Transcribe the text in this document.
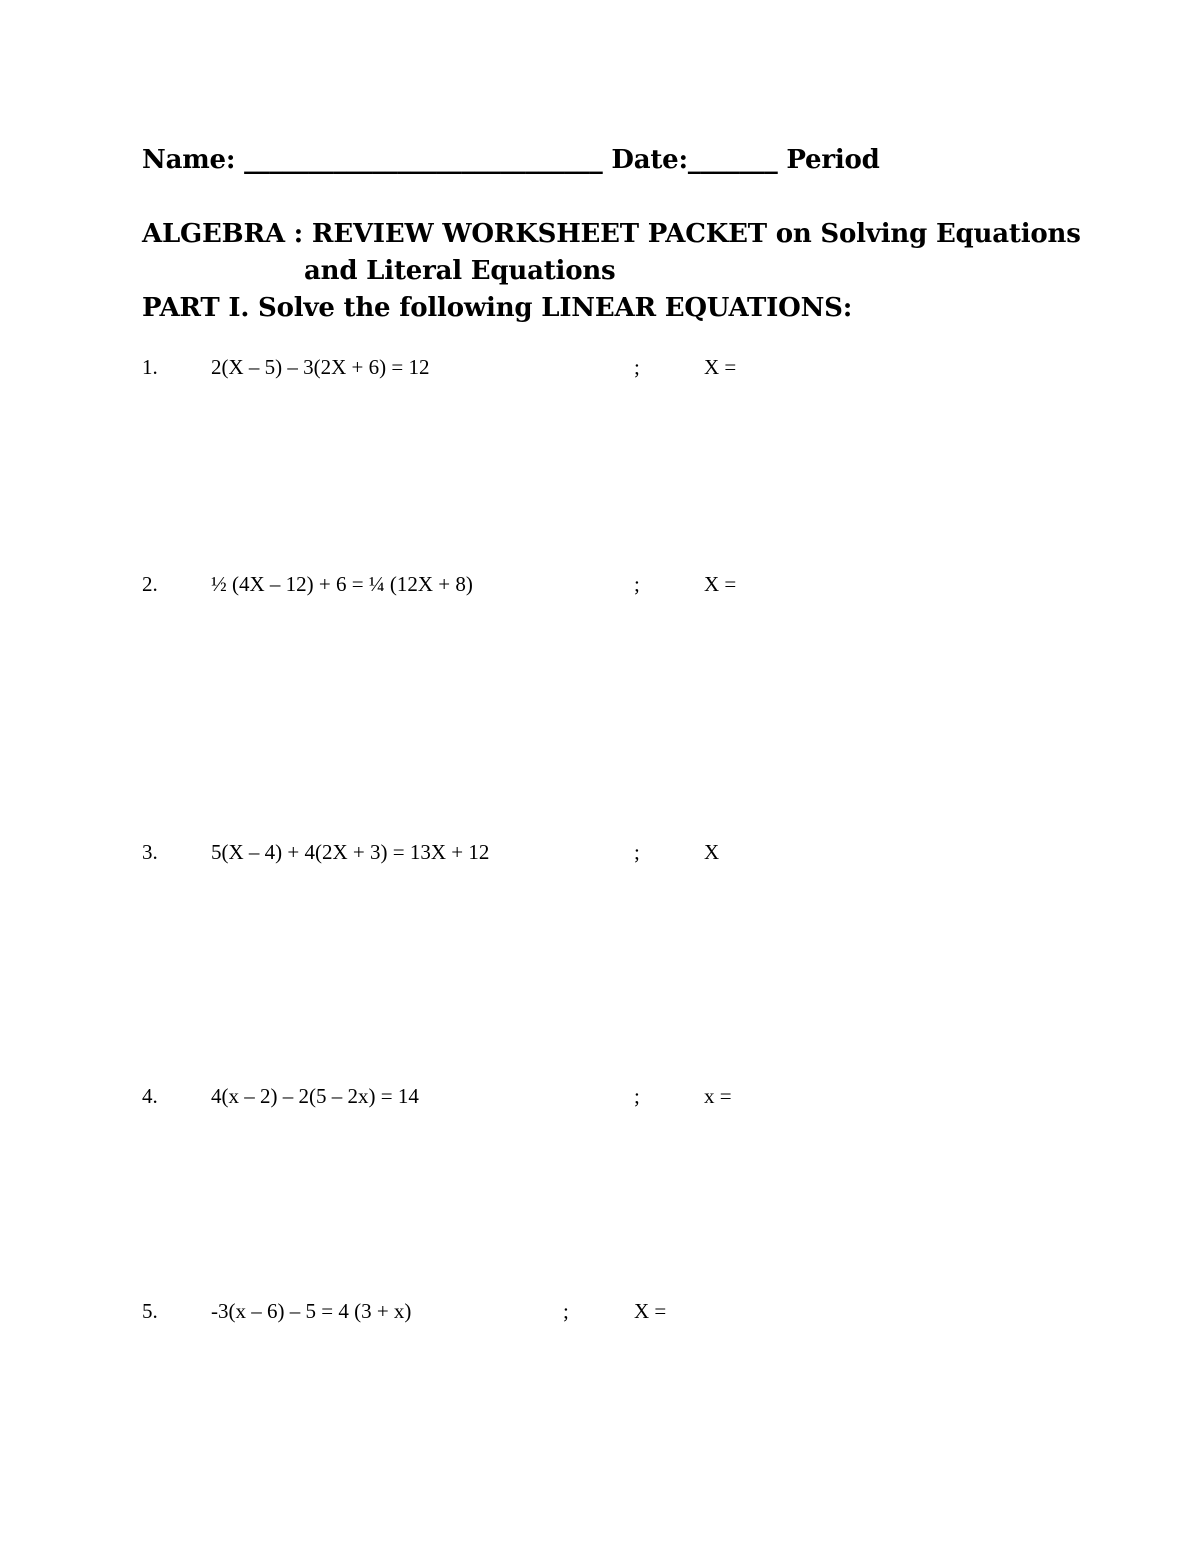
Name: ____________________________ Date:_______ Period
ALGEBRA : REVIEW WORKSHEET PACKET on Solving Equations
and Literal Equations
PART I. Solve the following LINEAR EQUATIONS:
1.	2(X – 5) – 3(2X + 6) = 12	;	X =
2.	½ (4X – 12) + 6 = ¼ (12X + 8)	;	X =
3.	5(X – 4) + 4(2X + 3) = 13X + 12	;	X
4.	4(x – 2) – 2(5 – 2x) = 14	;	x =
5.	-3(x – 6) – 5 = 4 (3 + x)	;	X =
